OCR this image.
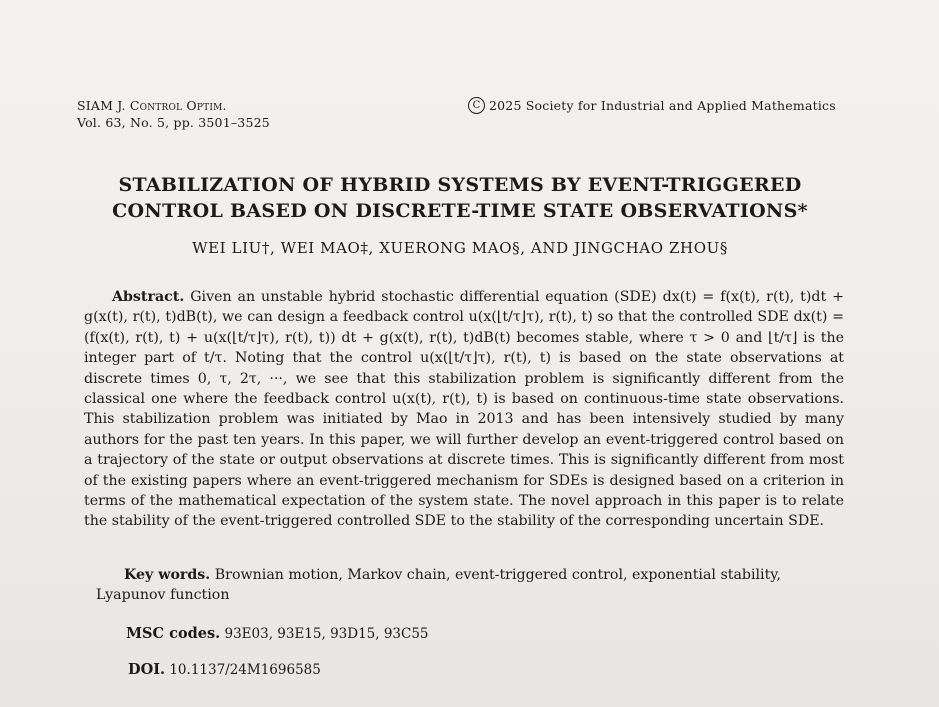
SIAM J. Control Optim.
Vol. 63, No. 5, pp. 3501–3525
C 2025 Society for Industrial and Applied Mathematics
STABILIZATION OF HYBRID SYSTEMS BY EVENT-TRIGGERED
CONTROL BASED ON DISCRETE-TIME STATE OBSERVATIONS*
WEI LIU†, WEI MAO‡, XUERONG MAO§, AND JINGCHAO ZHOU§
Abstract. Given an unstable hybrid stochastic differential equation (SDE) dx(t) = f(x(t), r(t), t)dt + g(x(t), r(t), t)dB(t), we can design a feedback control u(x(⌊t/τ⌋τ), r(t), t) so that the controlled SDE dx(t) = (f(x(t), r(t), t) + u(x(⌊t/τ⌋τ), r(t), t)) dt + g(x(t), r(t), t)dB(t) becomes stable, where τ > 0 and ⌊t/τ⌋ is the integer part of t/τ. Noting that the control u(x(⌊t/τ⌋τ), r(t), t) is based on the state observations at discrete times 0, τ, 2τ, ···, we see that this stabilization problem is significantly different from the classical one where the feedback control u(x(t), r(t), t) is based on continuous-time state observations. This stabilization problem was initiated by Mao in 2013 and has been intensively studied by many authors for the past ten years. In this paper, we will further develop an event-triggered control based on a trajectory of the state or output observations at discrete times. This is significantly different from most of the existing papers where an event-triggered mechanism for SDEs is designed based on a criterion in terms of the mathematical expectation of the system state. The novel approach in this paper is to relate the stability of the event-triggered controlled SDE to the stability of the corresponding uncertain SDE.
Key words. Brownian motion, Markov chain, event-triggered control, exponential stability, Lyapunov function
MSC codes. 93E03, 93E15, 93D15, 93C55
DOI. 10.1137/24M1696585
